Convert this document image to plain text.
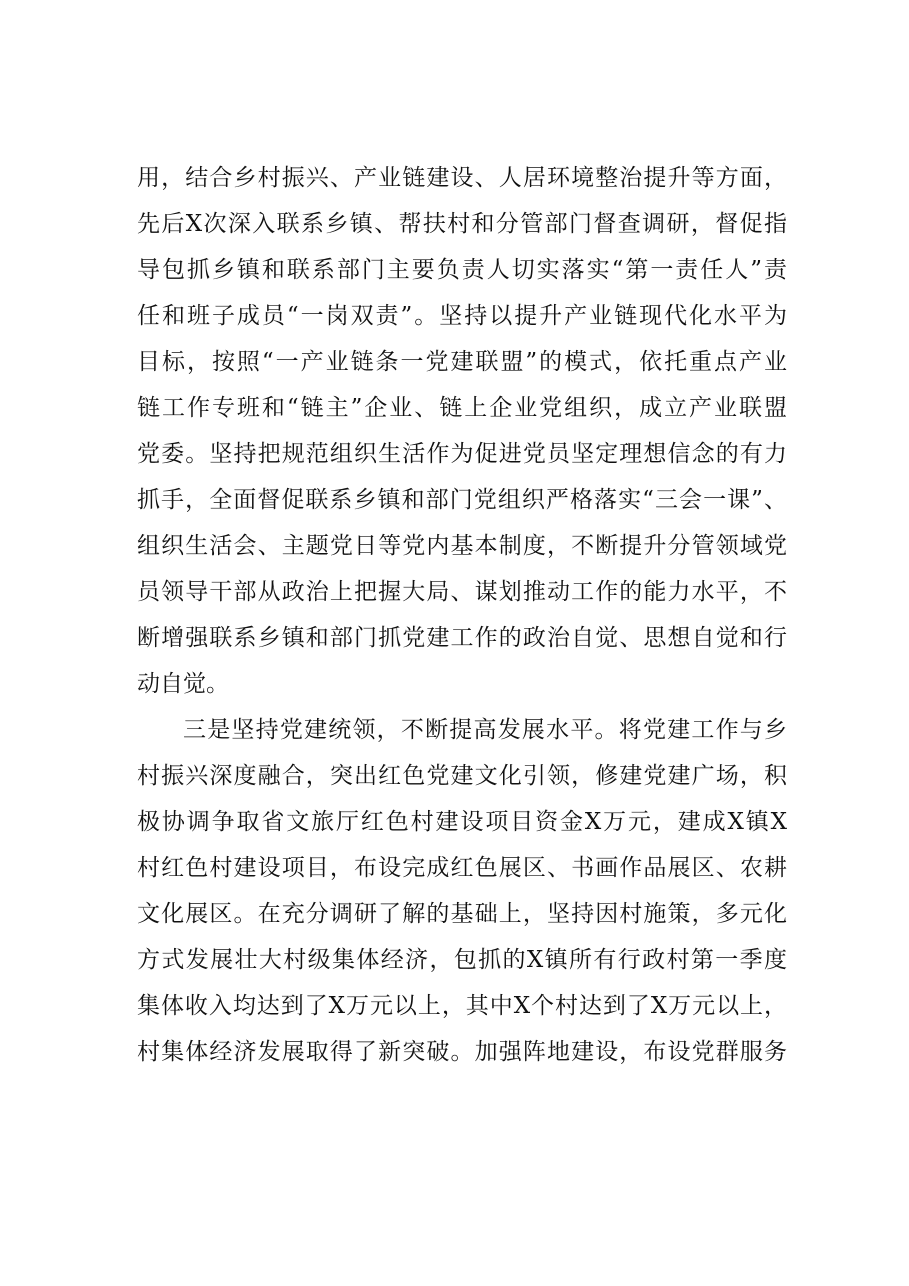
用，结合乡村振兴、产业链建设、人居环境整治提升等方面，
先后X次深入联系乡镇、帮扶村和分管部门督查调研，督促指
导包抓乡镇和联系部门主要负责人切实落实“第一责任人”责
任和班子成员“一岗双责”。坚持以提升产业链现代化水平为
目标，按照“一产业链条一党建联盟”的模式，依托重点产业
链工作专班和“链主”企业、链上企业党组织，成立产业联盟
党委。坚持把规范组织生活作为促进党员坚定理想信念的有力
抓手，全面督促联系乡镇和部门党组织严格落实“三会一课”、
组织生活会、主题党日等党内基本制度，不断提升分管领域党
员领导干部从政治上把握大局、谋划推动工作的能力水平，不
断增强联系乡镇和部门抓党建工作的政治自觉、思想自觉和行
动自觉。
三是坚持党建统领，不断提高发展水平。将党建工作与乡
村振兴深度融合，突出红色党建文化引领，修建党建广场，积
极协调争取省文旅厅红色村建设项目资金X万元，建成X镇X
村红色村建设项目，布设完成红色展区、书画作品展区、农耕
文化展区。在充分调研了解的基础上，坚持因村施策，多元化
方式发展壮大村级集体经济，包抓的X镇所有行政村第一季度
集体收入均达到了X万元以上，其中X个村达到了X万元以上，
村集体经济发展取得了新突破。加强阵地建设，布设党群服务
